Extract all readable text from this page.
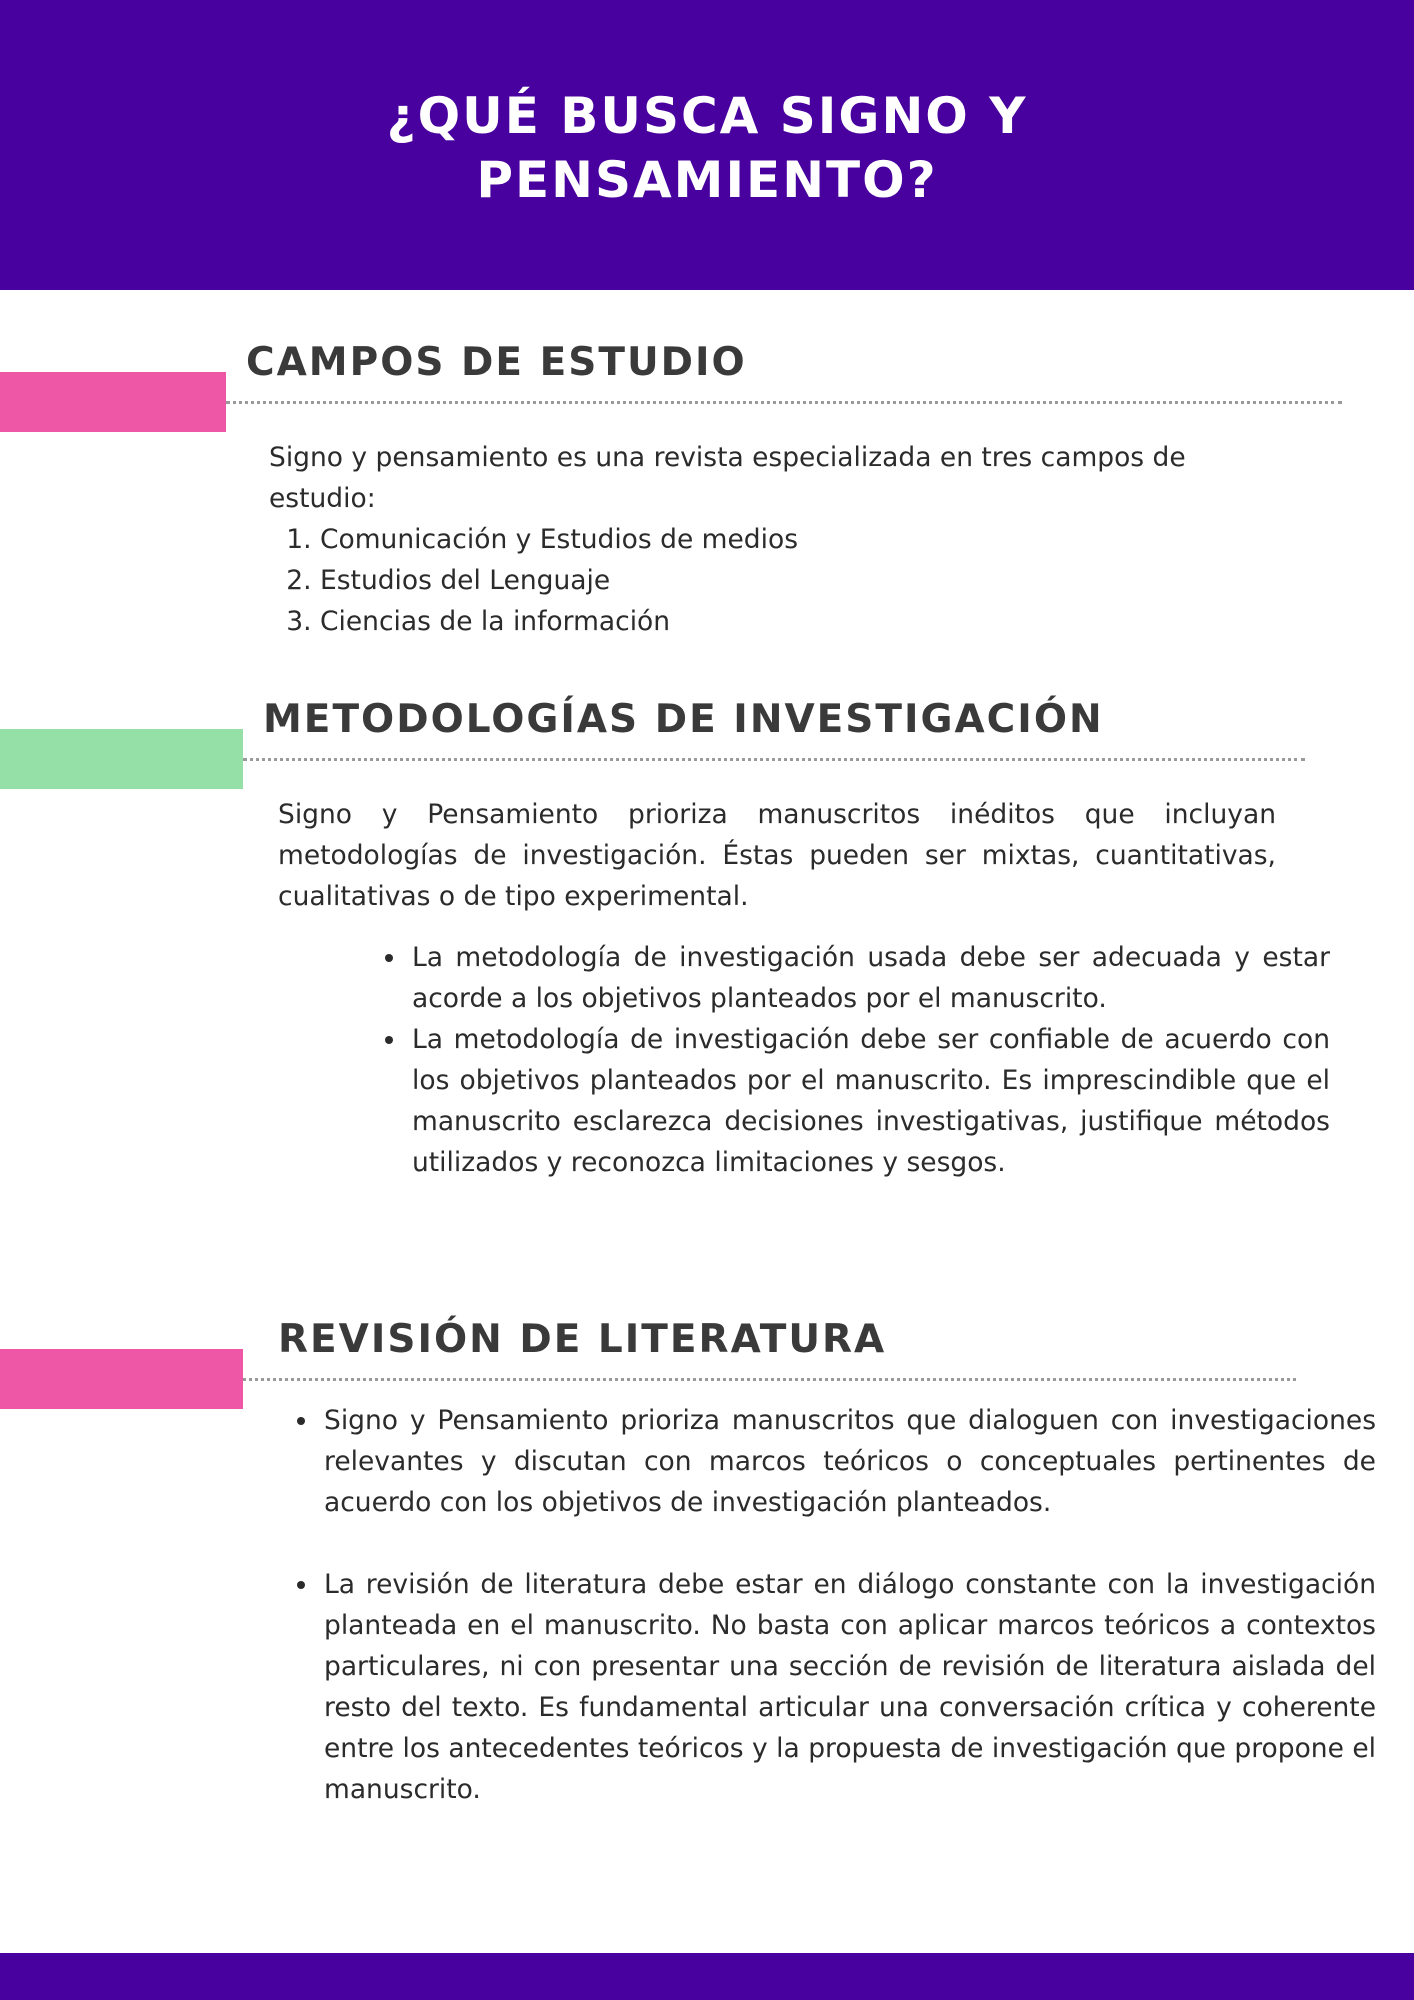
¿QUÉ BUSCA SIGNO Y PENSAMIENTO?
CAMPOS DE ESTUDIO

Signo y pensamiento es una revista especializada en tres campos de estudio:

1. Comunicación y Estudios de medios
2. Estudios del Lenguaje
3. Ciencias de la información
METODOLOGÍAS DE INVESTIGACIÓN

Signo y Pensamiento prioriza manuscritos inéditos que incluyan metodologías de investigación. Éstas pueden ser mixtas, cuantitativas, cualitativas o de tipo experimental.

• La metodología de investigación usada debe ser adecuada y estar acorde a los objetivos planteados por el manuscrito.
• La metodología de investigación debe ser confiable de acuerdo con los objetivos planteados por el manuscrito. Es imprescindible que el manuscrito esclarezca decisiones investigativas, justifique métodos utilizados y reconozca limitaciones y sesgos.
REVISIÓN DE LITERATURA
• Signo y Pensamiento prioriza manuscritos que dialoguen con investigaciones relevantes y discutan con marcos teóricos o conceptuales pertinentes de acuerdo con los objetivos de investigación planteados.
• La revisión de literatura debe estar en diálogo constante con la investigación planteada en el manuscrito. No basta con aplicar marcos teóricos a contextos particulares, ni con presentar una sección de revisión de literatura aislada del resto del texto. Es fundamental articular una conversación crítica y coherente entre los antecedentes teóricos y la propuesta de investigación que propone el manuscrito.
